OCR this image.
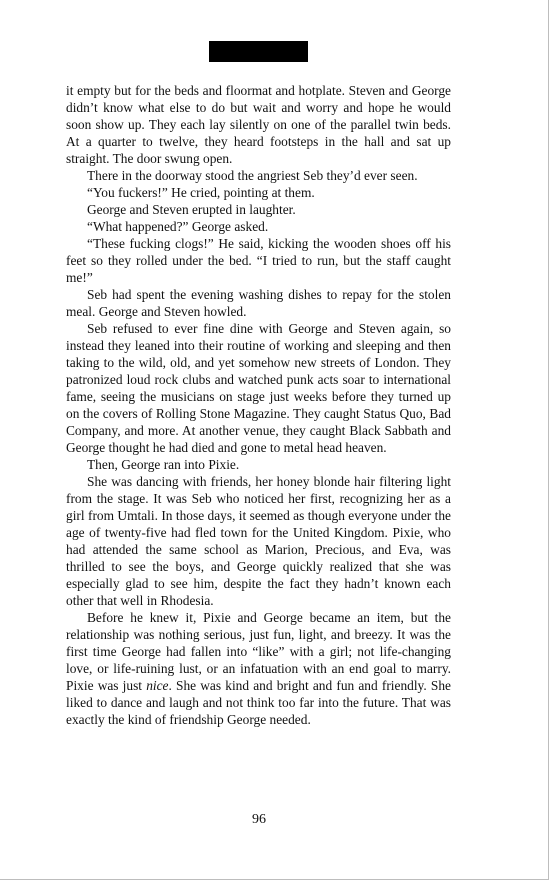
it empty but for the beds and floormat and hotplate. Steven and George didn’t know what else to do but wait and worry and hope he would soon show up. They each lay silently on one of the parallel twin beds. At a quarter to twelve, they heard footsteps in the hall and sat up straight. The door swung open.

There in the doorway stood the angriest Seb they’d ever seen.

“You fuckers!” He cried, pointing at them.

George and Steven erupted in laughter.

“What happened?” George asked.

“These fucking clogs!” He said, kicking the wooden shoes off his feet so they rolled under the bed. “I tried to run, but the staff caught me!”

Seb had spent the evening washing dishes to repay for the stolen meal. George and Steven howled.

Seb refused to ever fine dine with George and Steven again, so instead they leaned into their routine of working and sleeping and then taking to the wild, old, and yet somehow new streets of London. They patronized loud rock clubs and watched punk acts soar to international fame, seeing the musicians on stage just weeks before they turned up on the covers of Rolling Stone Magazine. They caught Status Quo, Bad Company, and more. At another venue, they caught Black Sabbath and George thought he had died and gone to metal head heaven.

Then, George ran into Pixie.

She was dancing with friends, her honey blonde hair filtering light from the stage. It was Seb who noticed her first, recognizing her as a girl from Umtali. In those days, it seemed as though everyone under the age of twenty-five had fled town for the United Kingdom. Pixie, who had attended the same school as Marion, Precious, and Eva, was thrilled to see the boys, and George quickly realized that she was especially glad to see him, despite the fact they hadn’t known each other that well in Rhodesia.

Before he knew it, Pixie and George became an item, but the relationship was nothing serious, just fun, light, and breezy. It was the first time George had fallen into “like” with a girl; not life-changing love, or life-ruining lust, or an infatuation with an end goal to marry. Pixie was just nice. She was kind and bright and fun and friendly. She liked to dance and laugh and not think too far into the future. That was exactly the kind of friendship George needed.

96
